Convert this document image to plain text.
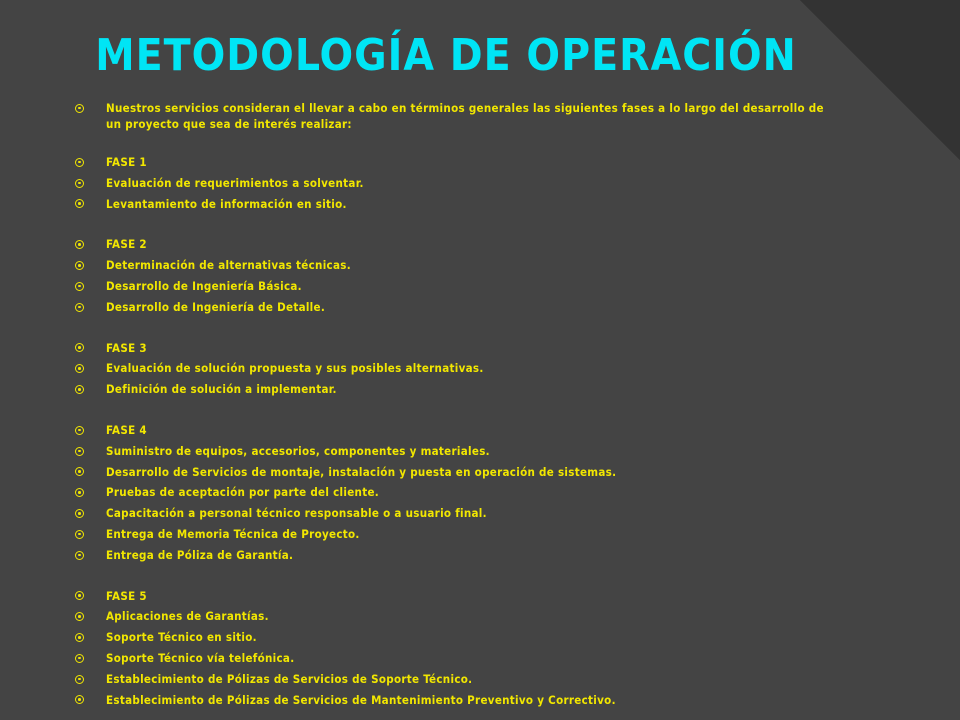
METODOLOGÍA DE OPERACIÓN
Nuestros servicios consideran el llevar a cabo en términos generales las siguientes fases a lo largo del desarrollo de un proyecto que sea de interés realizar:
FASE 1
Evaluación de requerimientos a solventar.
Levantamiento de información en sitio.
FASE 2
Determinación de alternativas técnicas.
Desarrollo de Ingeniería Básica.
Desarrollo de Ingeniería de Detalle.
FASE 3
Evaluación de solución propuesta y sus posibles alternativas.
Definición de solución a implementar.
FASE 4
Suministro de equipos, accesorios, componentes y materiales.
Desarrollo de Servicios de montaje, instalación y puesta en operación de sistemas.
Pruebas de aceptación por parte del cliente.
Capacitación a personal técnico responsable o a usuario final.
Entrega de Memoria Técnica de Proyecto.
Entrega de Póliza de Garantía.
FASE 5
Aplicaciones de Garantías.
Soporte Técnico en sitio.
Soporte Técnico vía telefónica.
Establecimiento de Pólizas de Servicios de Soporte Técnico.
Establecimiento de Pólizas de Servicios de Mantenimiento Preventivo y Correctivo.
